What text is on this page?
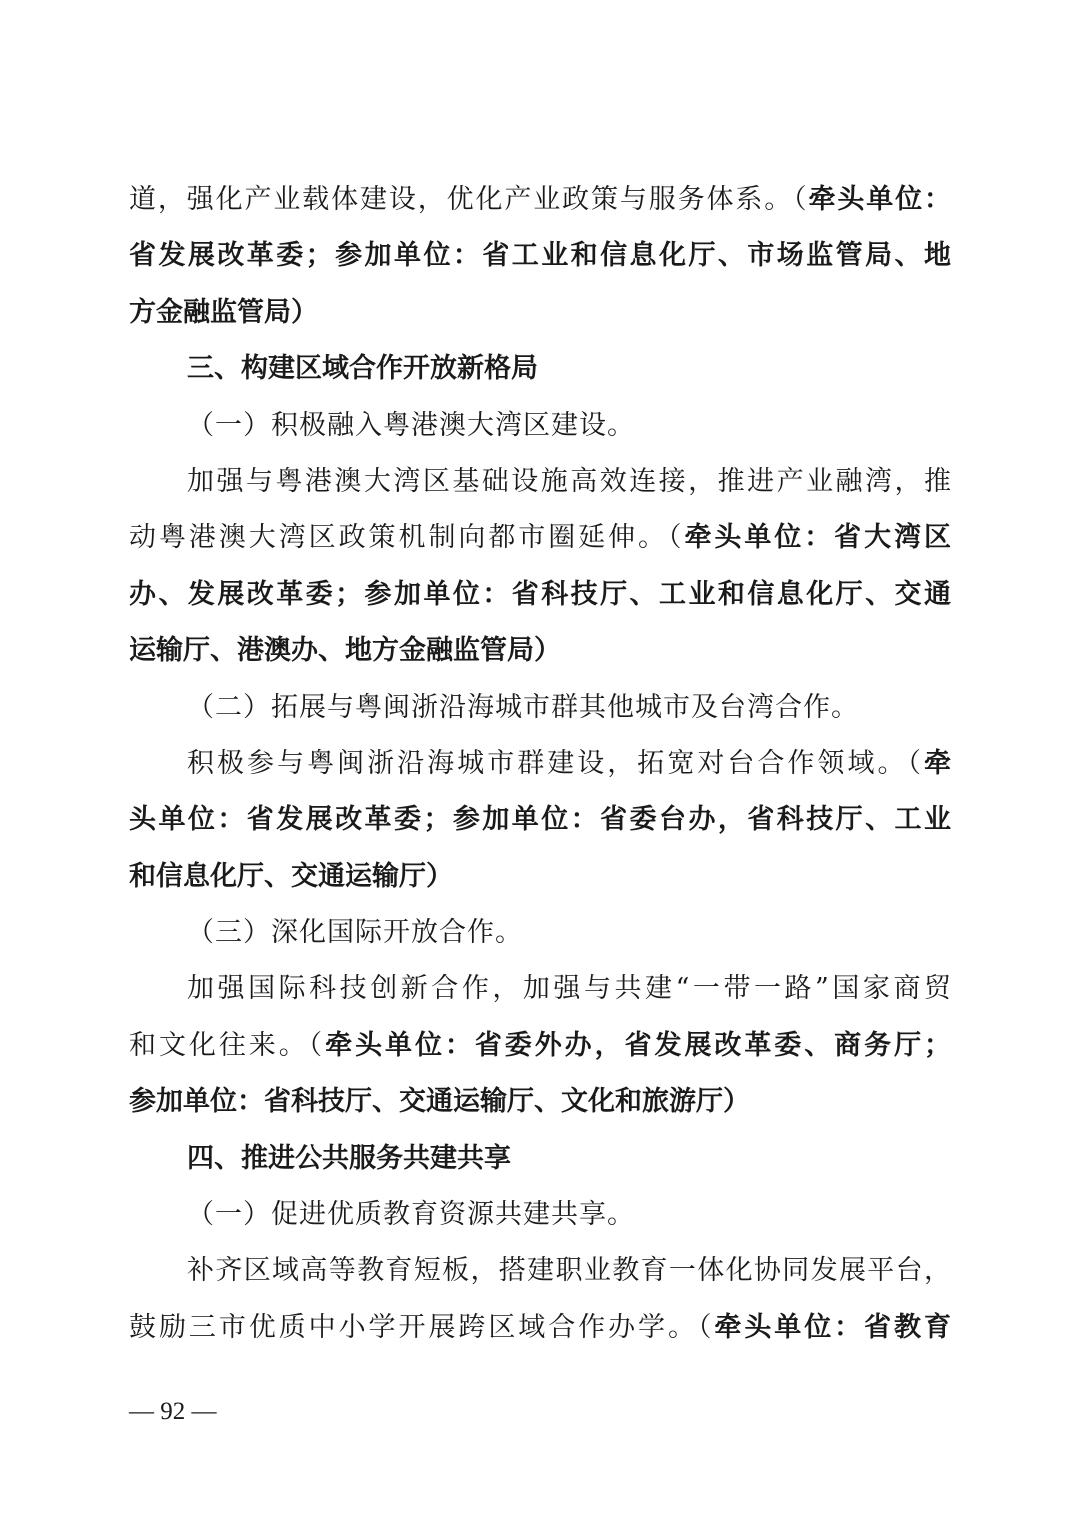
道，强化产业载体建设，优化产业政策与服务体系。（牵头单位：
省发展改革委；参加单位：省工业和信息化厅、市场监管局、地
方金融监管局）
三、构建区域合作开放新格局
（一）积极融入粤港澳大湾区建设。
加强与粤港澳大湾区基础设施高效连接，推进产业融湾，推
动粤港澳大湾区政策机制向都市圈延伸。（牵头单位：省大湾区
办、发展改革委；参加单位：省科技厅、工业和信息化厅、交通
运输厅、港澳办、地方金融监管局）
（二）拓展与粤闽浙沿海城市群其他城市及台湾合作。
积极参与粤闽浙沿海城市群建设，拓宽对台合作领域。（牵
头单位：省发展改革委；参加单位：省委台办，省科技厅、工业
和信息化厅、交通运输厅）
（三）深化国际开放合作。
加强国际科技创新合作，加强与共建“一带一路”国家商贸
和文化往来。（牵头单位：省委外办，省发展改革委、商务厅；
参加单位：省科技厅、交通运输厅、文化和旅游厅）
四、推进公共服务共建共享
（一）促进优质教育资源共建共享。
补齐区域高等教育短板，搭建职业教育一体化协同发展平台，
鼓励三市优质中小学开展跨区域合作办学。（牵头单位：省教育
— 92 —
